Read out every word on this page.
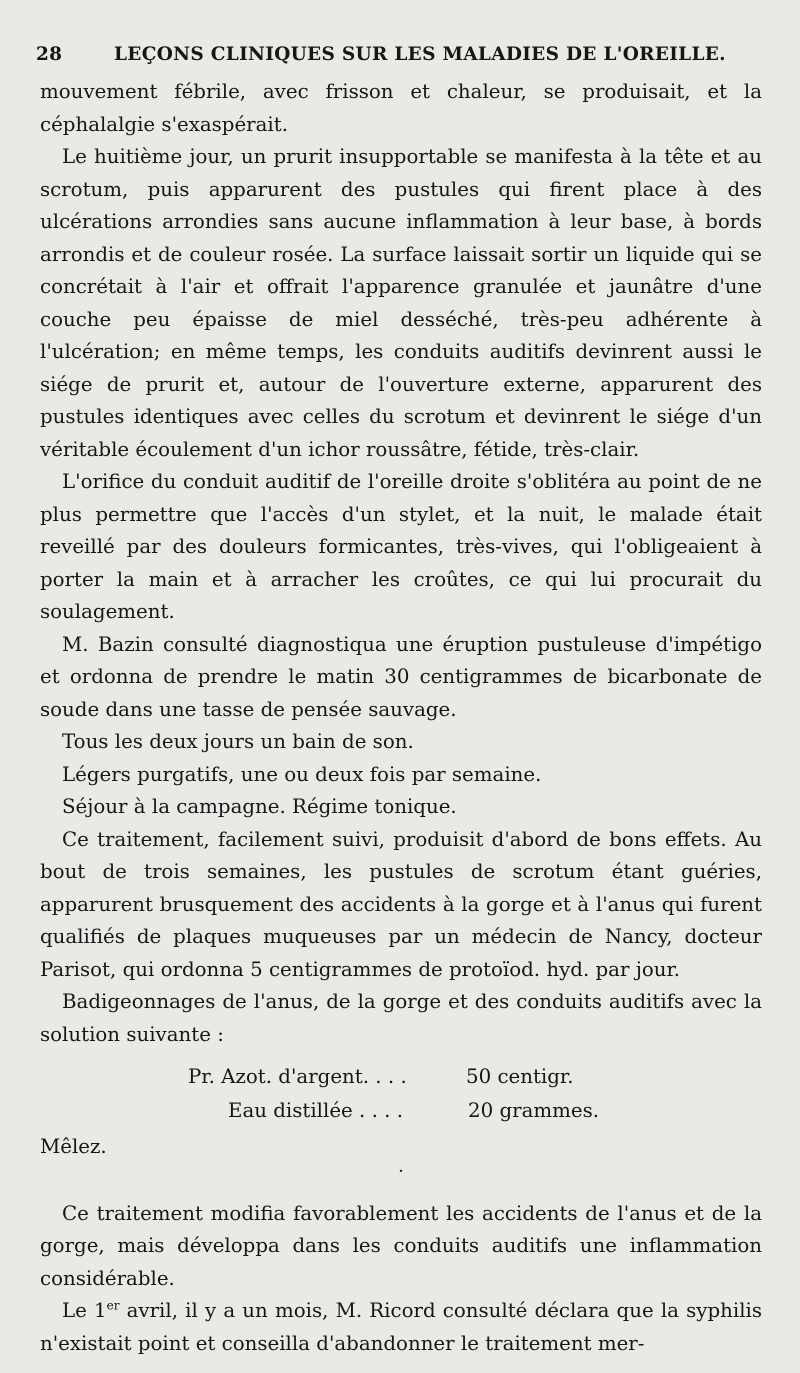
28	LEÇONS CLINIQUES SUR LES MALADIES DE L'OREILLE.

mouvement fébrile, avec frisson et chaleur, se produisait, et la céphalalgie s'exaspérait.

Le huitième jour, un prurit insupportable se manifesta à la tête et au scrotum, puis apparurent des pustules qui firent place à des ulcérations arrondies sans aucune inflammation à leur base, à bords arrondis et de couleur rosée. La surface laissait sortir un liquide qui se concrétait à l'air et offrait l'apparence granulée et jaunâtre d'une couche peu épaisse de miel desséché, très-peu adhérente à l'ulcération; en même temps, les conduits auditifs devinrent aussi le siége de prurit et, autour de l'ouverture externe, apparurent des pustules identiques avec celles du scrotum et devinrent le siége d'un véritable écoulement d'un ichor roussâtre, fétide, très-clair.

L'orifice du conduit auditif de l'oreille droite s'oblitéra au point de ne plus permettre que l'accès d'un stylet, et la nuit, le malade était reveillé par des douleurs formicantes, très-vives, qui l'obligeaient à porter la main et à arracher les croûtes, ce qui lui procurait du soulagement.

M. Bazin consulté diagnostiqua une éruption pustuleuse d'impétigo et ordonna de prendre le matin 30 centigrammes de bicarbonate de soude dans une tasse de pensée sauvage.

Tous les deux jours un bain de son.

Légers purgatifs, une ou deux fois par semaine.

Séjour à la campagne. Régime tonique.

Ce traitement, facilement suivi, produisit d'abord de bons effets. Au bout de trois semaines, les pustules de scrotum étant guéries, apparurent brusquement des accidents à la gorge et à l'anus qui furent qualifiés de plaques muqueuses par un médecin de Nancy, docteur Parisot, qui ordonna 5 centigrammes de protoïod. hyd. par jour.

Badigeonnages de l'anus, de la gorge et des conduits auditifs avec la solution suivante :

Pr. Azot. d'argent. . . .	50 centigr.
Eau distillée . . . .	20 grammes.

Mêlez.

·

Ce traitement modifia favorablement les accidents de l'anus et de la gorge, mais développa dans les conduits auditifs une inflammation considérable.

Le 1er avril, il y a un mois, M. Ricord consulté déclara que la syphilis n'existait point et conseilla d'abandonner le traitement mer-
